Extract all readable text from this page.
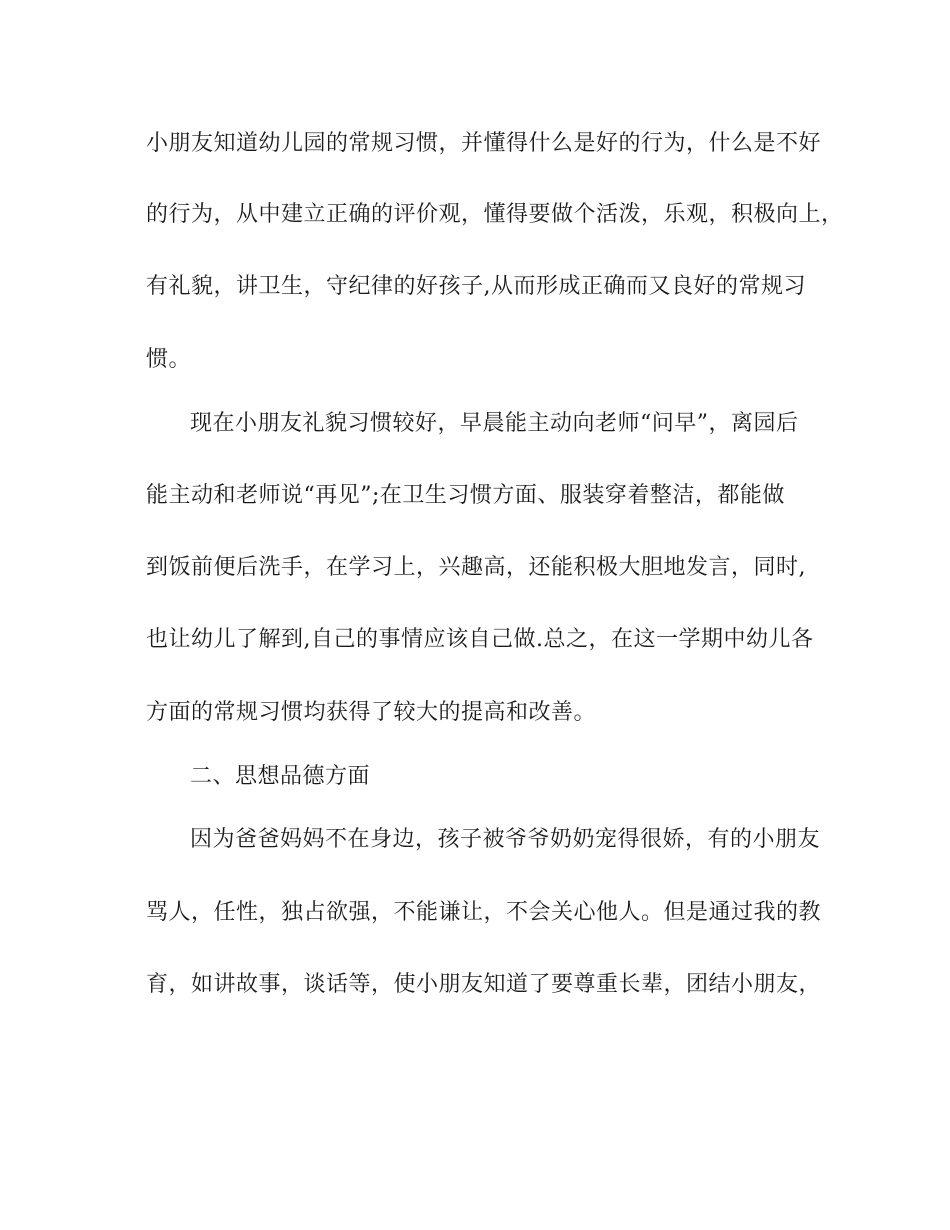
小朋友知道幼儿园的常规习惯，并懂得什么是好的行为，什么是不好
的行为，从中建立正确的评价观，懂得要做个活泼，乐观，积极向上，
有礼貌，讲卫生，守纪律的好孩子,从而形成正确而又良好的常规习
惯。
现在小朋友礼貌习惯较好，早晨能主动向老师“问早”，离园后
能主动和老师说“再见”;在卫生习惯方面、服装穿着整洁，都能做
到饭前便后洗手，在学习上，兴趣高，还能积极大胆地发言，同时,
也让幼儿了解到,自己的事情应该自己做.总之，在这一学期中幼儿各
方面的常规习惯均获得了较大的提高和改善。
二、思想品德方面
因为爸爸妈妈不在身边，孩子被爷爷奶奶宠得很娇，有的小朋友
骂人，任性，独占欲强，不能谦让，不会关心他人。但是通过我的教
育，如讲故事，谈话等，使小朋友知道了要尊重长辈，团结小朋友，
